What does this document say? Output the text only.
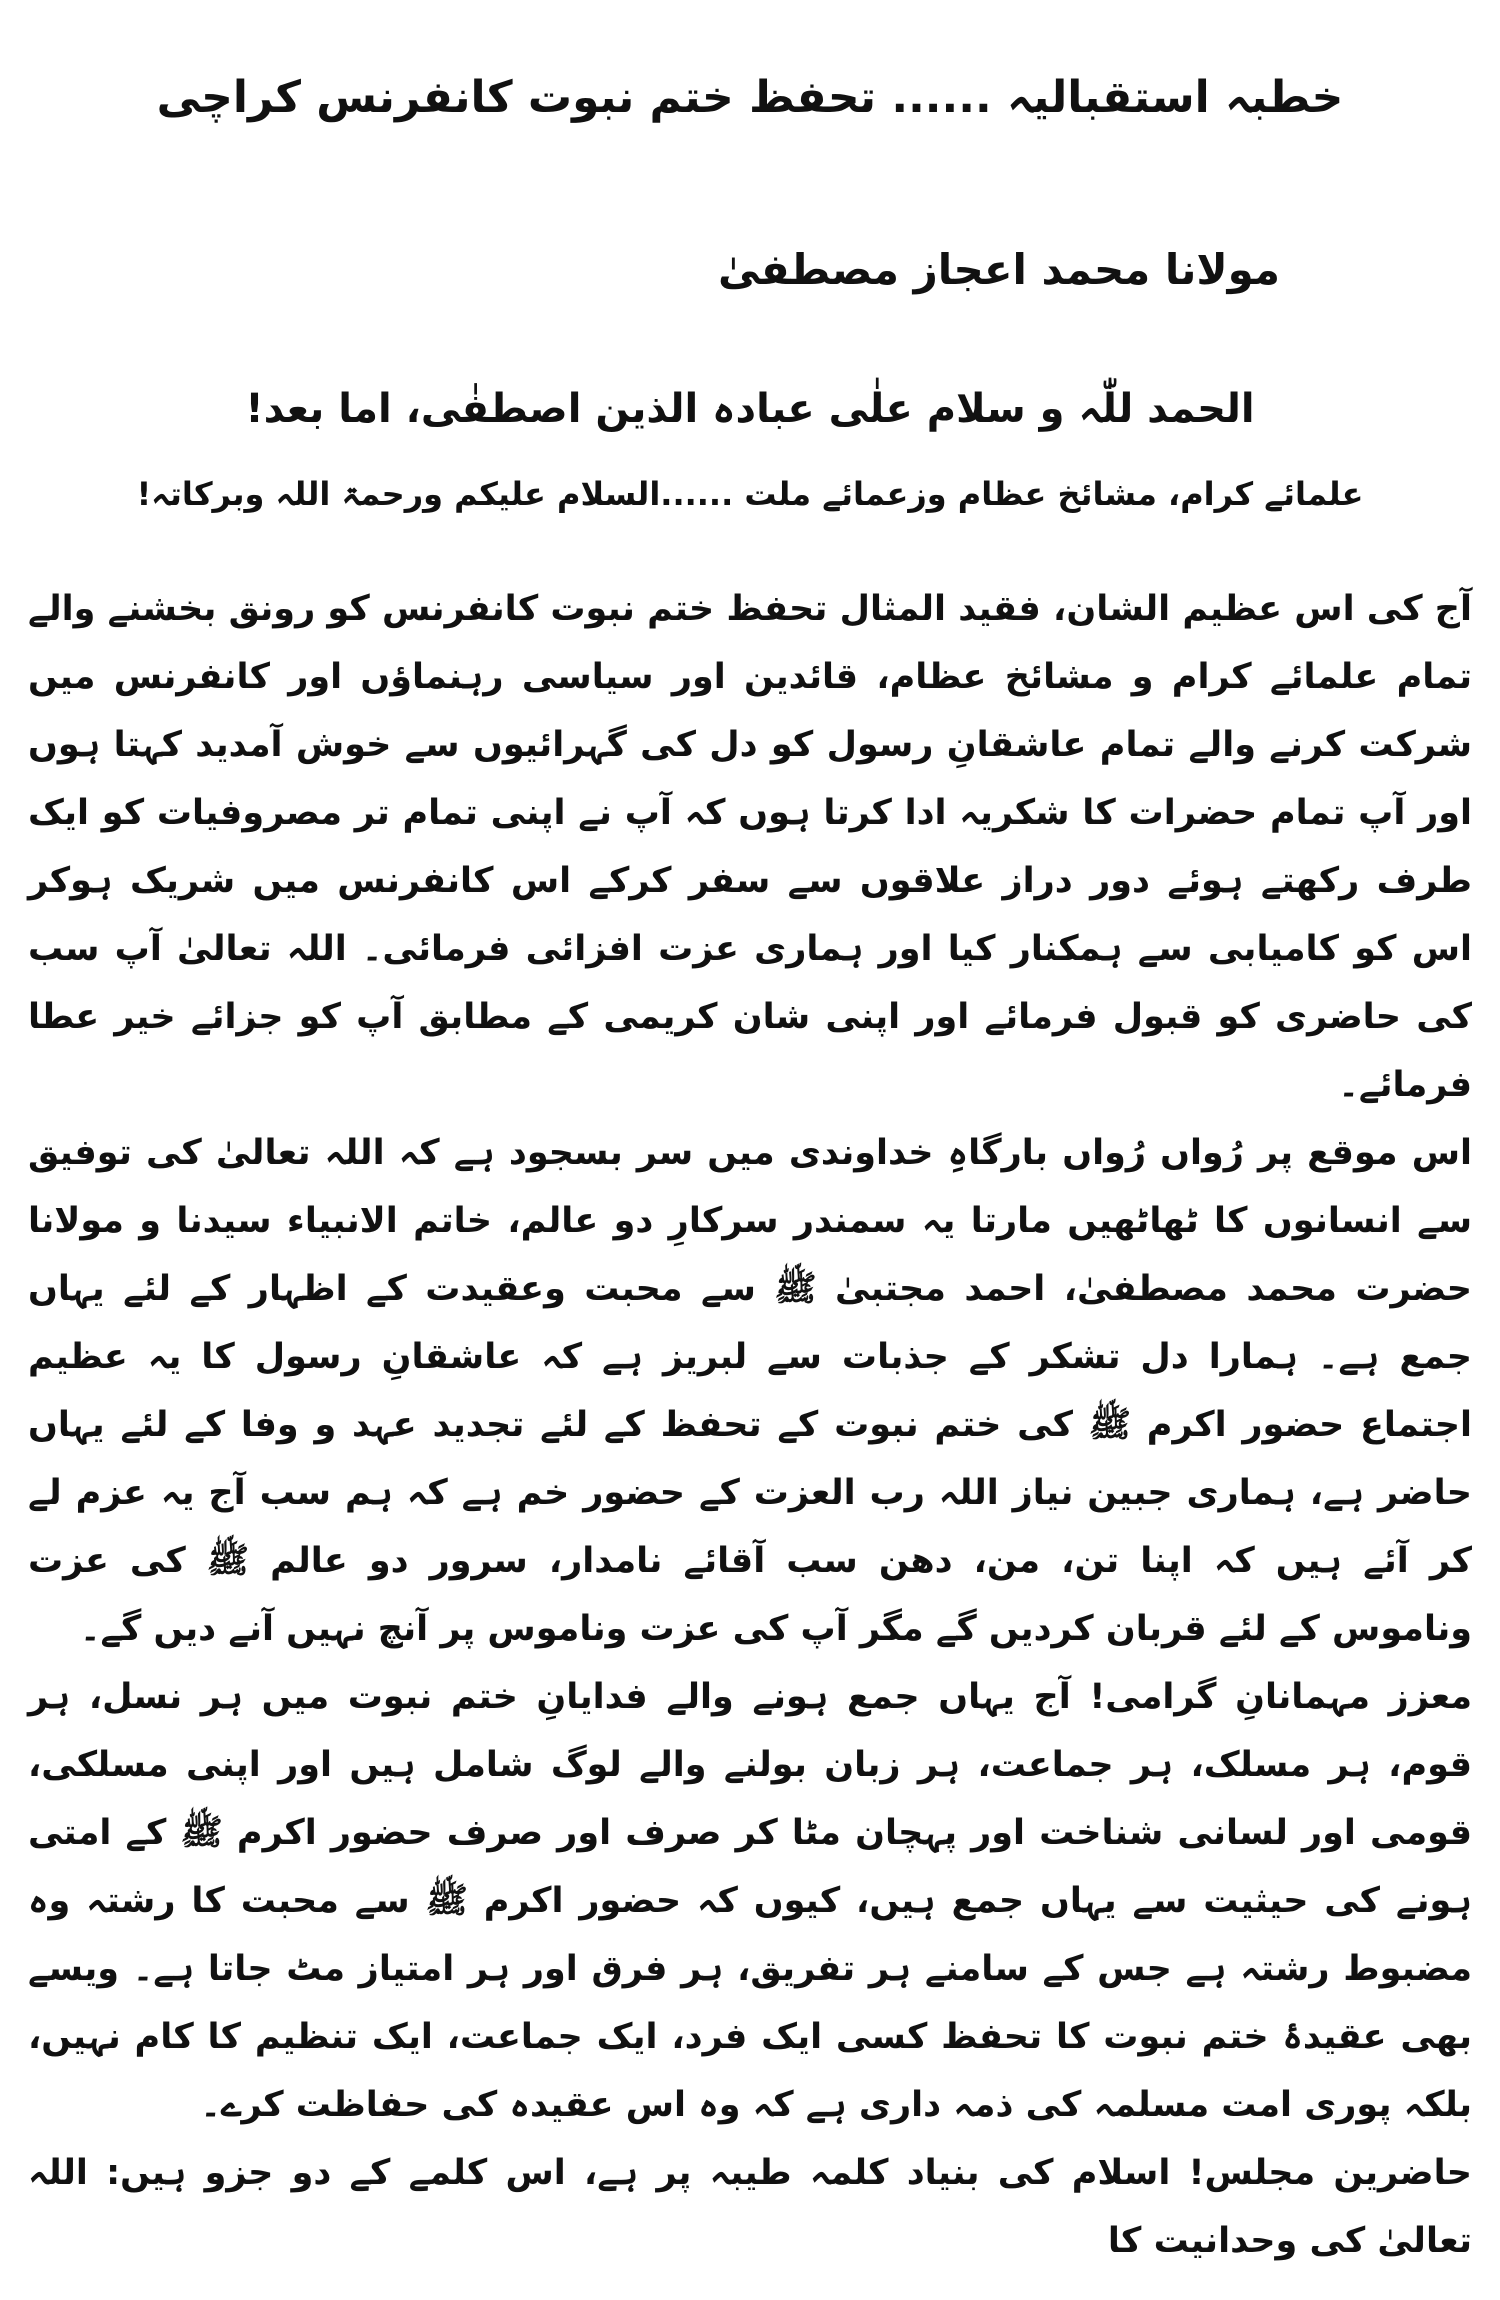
خطبہ استقبالیہ ...... تحفظ ختم نبوت کانفرنس کراچی
مولانا محمد اعجاز مصطفیٰ
الحمد للّٰہ و سلام علٰی عبادہ الذین اصطفٰی، اما بعد!
علمائے کرام، مشائخ عظام وزعمائے ملت ......السلام علیکم ورحمۃ اللہ وبرکاتہ!

آج کی اس عظیم الشان، فقید المثال تحفظ ختم نبوت کانفرنس کو رونق بخشنے والے تمام علمائے کرام و مشائخ عظام، قائدین اور سیاسی رہنماؤں اور کانفرنس میں شرکت کرنے والے تمام عاشقانِ رسول کو دل کی گہرائیوں سے خوش آمدید کہتا ہوں اور آپ تمام حضرات کا شکریہ ادا کرتا ہوں کہ آپ نے اپنی تمام تر مصروفیات کو ایک طرف رکھتے ہوئے دور دراز علاقوں سے سفر کرکے اس کانفرنس میں شریک ہوکر اس کو کامیابی سے ہمکنار کیا اور ہماری عزت افزائی فرمائی۔ اللہ تعالیٰ آپ سب کی حاضری کو قبول فرمائے اور اپنی شان کریمی کے مطابق آپ کو جزائے خیر عطا فرمائے۔

اس موقع پر رُواں رُواں بارگاہِ خداوندی میں سر بسجود ہے کہ اللہ تعالیٰ کی توفیق سے انسانوں کا ٹھاٹھیں مارتا یہ سمندر سرکارِ دو عالم، خاتم الانبیاء سیدنا و مولانا حضرت محمد مصطفیٰ، احمد مجتبیٰ ﷺ سے محبت وعقیدت کے اظہار کے لئے یہاں جمع ہے۔ ہمارا دل تشکر کے جذبات سے لبریز ہے کہ عاشقانِ رسول کا یہ عظیم اجتماع حضور اکرم ﷺ کی ختم نبوت کے تحفظ کے لئے تجدید عہد و وفا کے لئے یہاں حاضر ہے، ہماری جبین نیاز اللہ رب العزت کے حضور خم ہے کہ ہم سب آج یہ عزم لے کر آئے ہیں کہ اپنا تن، من، دھن سب آقائے نامدار، سرور دو عالم ﷺ کی عزت وناموس کے لئے قربان کردیں گے مگر آپ کی عزت وناموس پر آنچ نہیں آنے دیں گے۔

معزز مہمانانِ گرامی! آج یہاں جمع ہونے والے فدایانِ ختم نبوت میں ہر نسل، ہر قوم، ہر مسلک، ہر جماعت، ہر زبان بولنے والے لوگ شامل ہیں اور اپنی مسلکی، قومی اور لسانی شناخت اور پہچان مٹا کر صرف اور صرف حضور اکرم ﷺ کے امتی ہونے کی حیثیت سے یہاں جمع ہیں، کیوں کہ حضور اکرم ﷺ سے محبت کا رشتہ وہ مضبوط رشتہ ہے جس کے سامنے ہر تفریق، ہر فرق اور ہر امتیاز مٹ جاتا ہے۔ ویسے بھی عقیدۂ ختم نبوت کا تحفظ کسی ایک فرد، ایک جماعت، ایک تنظیم کا کام نہیں، بلکہ پوری امت مسلمہ کی ذمہ داری ہے کہ وہ اس عقیدہ کی حفاظت کرے۔

حاضرین مجلس! اسلام کی بنیاد کلمہ طیبہ پر ہے، اس کلمے کے دو جزو ہیں: اللہ تعالیٰ کی وحدانیت کا
